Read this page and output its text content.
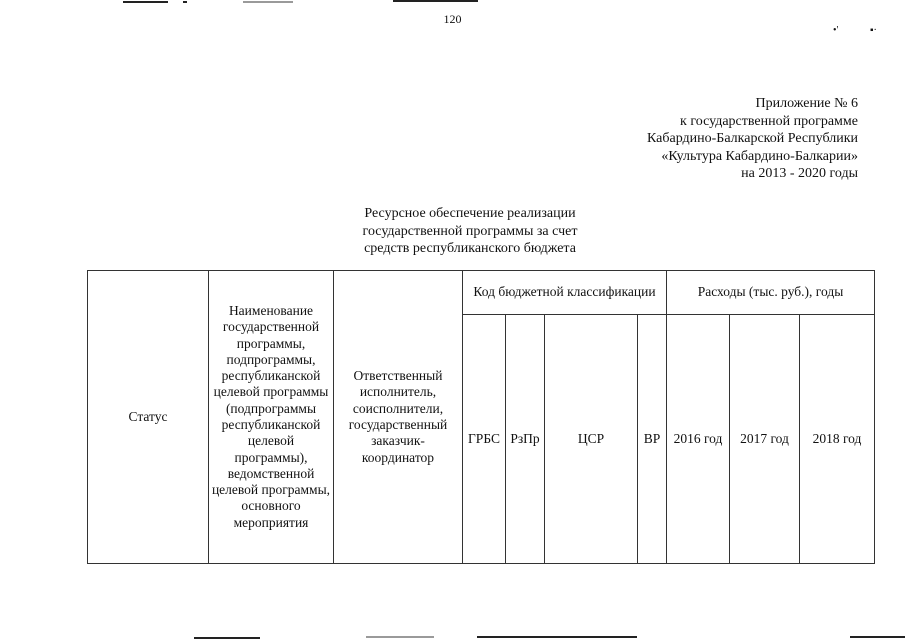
120
•'	▪·
Приложение № 6
к государственной программе
Кабардино-Балкарской Республики
«Культура Кабардино-Балкарии»
на 2013 - 2020 годы
Ресурсное обеспечение реализации
государственной программы за счет
средств республиканского бюджета
Статус	Наименование государственной программы, подпрограммы, республиканской целевой программы (подпрограммы республиканской целевой программы), ведомственной целевой программы, основного мероприятия	Ответственный исполнитель, соисполнители, государственный заказчик-координатор	Код бюджетной классификации				Расходы (тыс. руб.), годы		
			ГРБС	РзПр	ЦСР	ВР	2016 год	2017 год	2018 год
